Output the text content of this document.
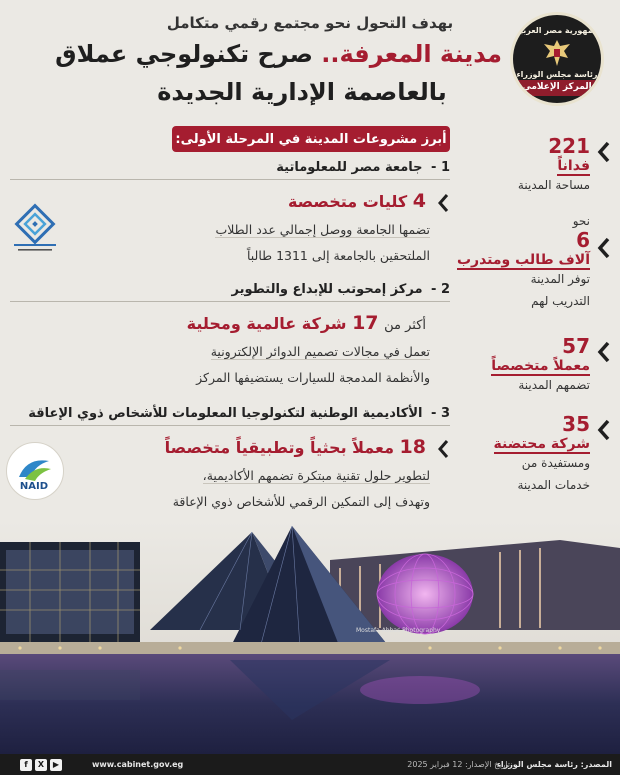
جمهورية مصر العربية
رئاسة مجلس الوزراء
المركز الإعلامي
بهدف التحول نحو مجتمع رقمي متكامل
مدينة المعرفة.. صرح تكنولوجي عملاق
بالعاصمة الإدارية الجديدة
أبرز مشروعات المدينة في المرحلة الأولى:	221
فداناً
مساحة المدينة
نحو
6
آلاف طالب ومتدرب
توفر المدينة
التدريب لهم
57
معملاً متخصصاً
تضمهم المدينة
35
شركة محتضنة
ومستفيدة من
خدمات المدينة
1 - جامعة مصر للمعلوماتية
4 كليات متخصصة
تضمها الجامعة ووصل إجمالي عدد الطلاب
الملتحقين بالجامعة إلى 1311 طالباً
2 - مركز إمحوتب للإبداع والتطوير
أكثر من 17 شركة عالمية ومحلية
تعمل في مجالات تصميم الدوائر الإلكترونية
والأنظمة المدمجة للسيارات يستضيفها المركز
3 - الأكاديمية الوطنية لتكنولوجيا المعلومات للأشخاص ذوي الإعاقة
18 معملاً بحثياً وتطبيقياً متخصصاً
لتطوير حلول تقنية مبتكرة تضمهم الأكاديمية،
وتهدف إلى التمكين الرقمي للأشخاص ذوي الإعاقة
NAID
Mostafa Abbas Photography
المصدر: رئاسة مجلس الوزراء
تاريخ الإصدار: 12 فبراير 2025
www.cabinet.gov.eg
f	X	▶
